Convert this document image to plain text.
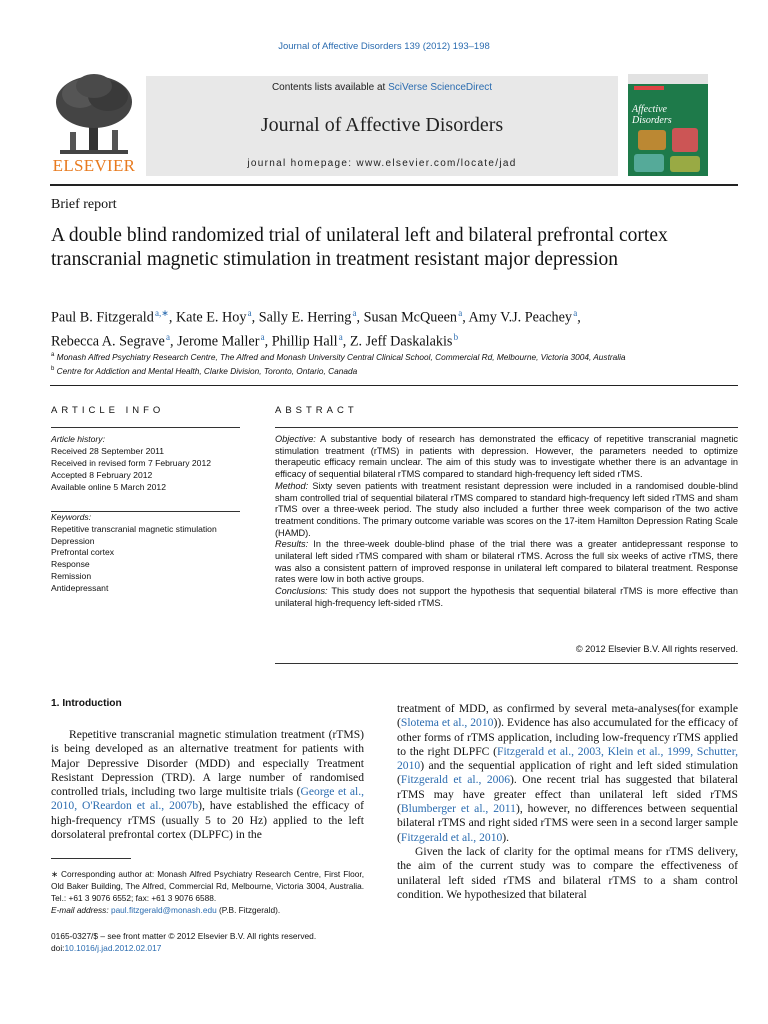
Journal of Affective Disorders 139 (2012) 193–198
ELSEVIER
Contents lists available at SciVerse ScienceDirect
Journal of Affective Disorders
journal homepage: www.elsevier.com/locate/jad
Affective Disorders
Brief report
A double blind randomized trial of unilateral left and bilateral prefrontal cortex transcranial magnetic stimulation in treatment resistant major depression
Paul B. Fitzgerald $^{a,∗}$, Kate E. Hoy $^a$, Sally E. Herring $^a$, Susan McQueen $^a$, Amy V.J. Peachey $^a$,
Rebecca A. Segrave $^a$, Jerome Maller $^a$, Phillip Hall $^a$, Z. Jeff Daskalakis $^b$
$^a$ Monash Alfred Psychiatry Research Centre, The Alfred and Monash University Central Clinical School, Commercial Rd, Melbourne, Victoria 3004, Australia
$^b$ Centre for Addiction and Mental Health, Clarke Division, Toronto, Ontario, Canada
ARTICLE INFO	ABSTRACT
Article history:
Received 28 September 2011
Received in revised form 7 February 2012
Accepted 8 February 2012
Available online 5 March 2012
Keywords:
Repetitive transcranial magnetic stimulation
Depression
Prefrontal cortex
Response
Remission
Antidepressant
Objective: A substantive body of research has demonstrated the efficacy of repetitive transcranial magnetic stimulation treatment (rTMS) in patients with depression. However, the parameters needed to optimize therapeutic efficacy remain unclear. The aim of this study was to investigate whether there is an advantage in efficacy of sequential bilateral rTMS compared to standard high-frequency left sided rTMS.
Method: Sixty seven patients with treatment resistant depression were included in a randomised double-blind sham controlled trial of sequential bilateral rTMS compared to standard high-frequency left sided rTMS and sham rTMS over a three-week period. The study also included a further three week comparison of the two active treatment conditions. The primary outcome variable was scores on the 17-item Hamilton Depression Rating Scale (HAMD).
Results: In the three-week double-blind phase of the trial there was a greater antidepressant response to unilateral left sided rTMS compared with sham or bilateral rTMS. Across the full six weeks of active rTMS, there was also a consistent pattern of improved response in unilateral left compared to bilateral treatment. Response rates were low in both active groups.
Conclusions: This study does not support the hypothesis that sequential bilateral rTMS is more effective than unilateral high-frequency left-sided rTMS.
© 2012 Elsevier B.V. All rights reserved.
1. Introduction
Repetitive transcranial magnetic stimulation treatment (rTMS) is being developed as an alternative treatment for patients with Major Depressive Disorder (MDD) and especially Treatment Resistant Depression (TRD). A large number of randomised controlled trials, including two large multisite trials (George et al., 2010, O'Reardon et al., 2007b), have established the efficacy of high-frequency rTMS (usually 5 to 20 Hz) applied to the left dorsolateral prefrontal cortex (DLPFC) in the
∗ Corresponding author at: Monash Alfred Psychiatry Research Centre, First Floor, Old Baker Building, The Alfred, Commercial Rd, Melbourne, Victoria 3004, Australia. Tel.: +61 3 9076 6552; fax: +61 3 9076 6588.
E-mail address: paul.fitzgerald@monash.edu (P.B. Fitzgerald).
0165-0327/$ – see front matter © 2012 Elsevier B.V. All rights reserved.
doi:10.1016/j.jad.2012.02.017

treatment of MDD, as confirmed by several meta-analyses(for example (Slotema et al., 2010)). Evidence has also accumulated for the efficacy of other forms of rTMS application, including low-frequency rTMS applied to the right DLPFC (Fitzgerald et al., 2003, Klein et al., 1999, Schutter, 2010) and the sequential application of right and left sided stimulation (Fitzgerald et al., 2006). One recent trial has suggested that bilateral rTMS may have greater effect than unilateral left sided rTMS (Blumberger et al., 2011), however, no differences between sequential bilateral rTMS and right sided rTMS were seen in a second larger sample (Fitzgerald et al., 2010).

Given the lack of clarity for the optimal means for rTMS delivery, the aim of the current study was to compare the effectiveness of unilateral left sided rTMS and bilateral rTMS to a sham control condition. We hypothesized that bilateral
